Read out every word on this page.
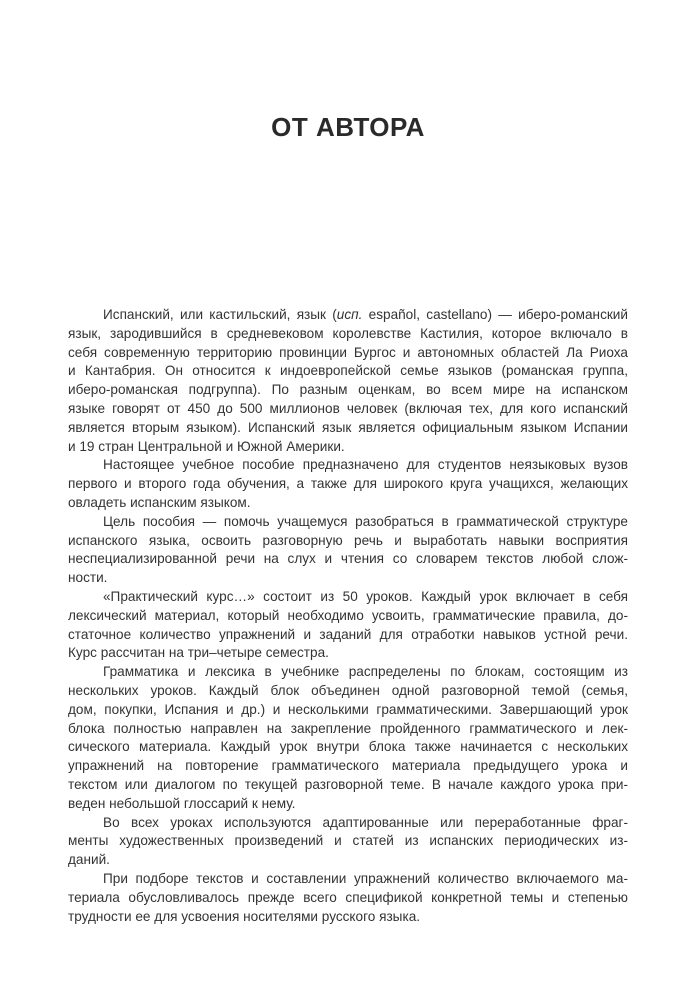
ОТ АВТОРА
Испанский, или кастильский, язык (исп. español, castellano) — иберо-романский
язык, зародившийся в средневековом королевстве Кастилия, которое включало в
себя современную территорию провинции Бургос и автономных областей Ла Риоха
и Кантабрия. Он относится к индоевропейской семье языков (романская группа,
иберо-романская подгруппа). По разным оценкам, во всем мире на испанском
языке говорят от 450 до 500 миллионов человек (включая тех, для кого испанский
является вторым языком). Испанский язык является официальным языком Испании
и 19 стран Центральной и Южной Америки.
Настоящее учебное пособие предназначено для студентов неязыковых вузов
первого и второго года обучения, а также для широкого круга учащихся, желающих
овладеть испанским языком.
Цель пособия — помочь учащемуся разобраться в грамматической структуре
испанского языка, освоить разговорную речь и выработать навыки восприятия
неспециализированной речи на слух и чтения со словарем текстов любой слож-
ности.
«Практический курс…» состоит из 50 уроков. Каждый урок включает в себя
лексический материал, который необходимо усвоить, грамматические правила, до-
статочное количество упражнений и заданий для отработки навыков устной речи.
Курс рассчитан на три–четыре семестра.
Грамматика и лексика в учебнике распределены по блокам, состоящим из
нескольких уроков. Каждый блок объединен одной разговорной темой (семья,
дом, покупки, Испания и др.) и несколькими грамматическими. Завершающий урок
блока полностью направлен на закрепление пройденного грамматического и лек-
сического материала. Каждый урок внутри блока также начинается с нескольких
упражнений на повторение грамматического материала предыдущего урока и
текстом или диалогом по текущей разговорной теме. В начале каждого урока при-
веден небольшой глоссарий к нему.
Во всех уроках используются адаптированные или переработанные фраг-
менты художественных произведений и статей из испанских периодических из-
даний.
При подборе текстов и составлении упражнений количество включаемого ма-
териала обусловливалось прежде всего спецификой конкретной темы и степенью
трудности ее для усвоения носителями русского языка.
